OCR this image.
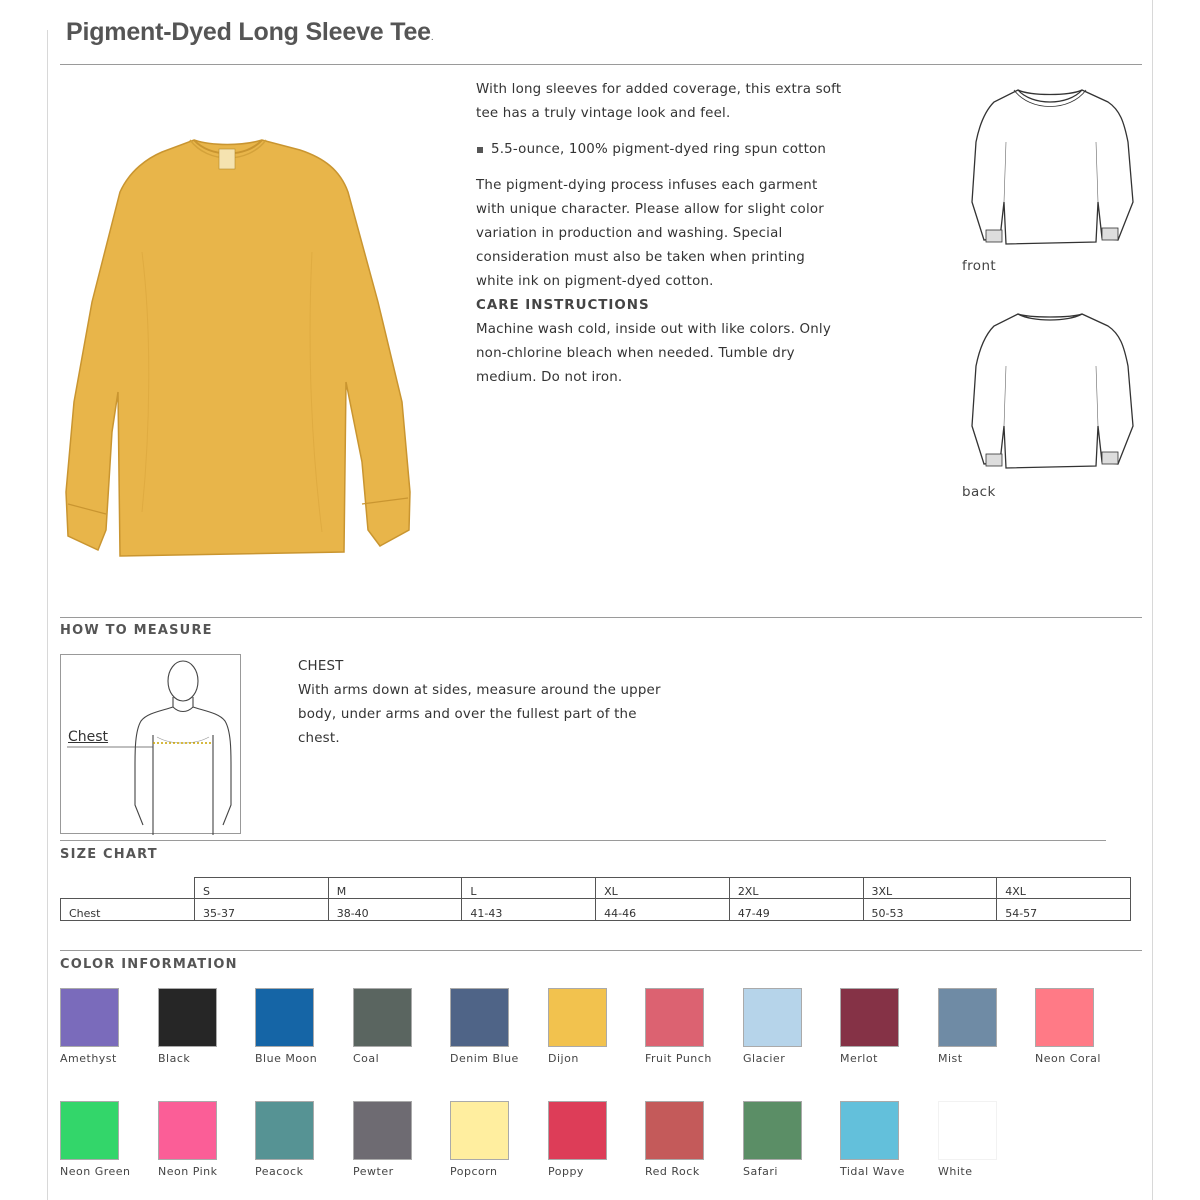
Pigment-Dyed Long Sleeve Tee.

With long sleeves for added coverage, this extra soft tee has a truly vintage look and feel.

5.5-ounce, 100% pigment-dyed ring spun cotton

The pigment-dying process infuses each garment with unique character. Please allow for slight color variation in production and washing. Special consideration must also be taken when printing white ink on pigment-dyed cotton.

CARE INSTRUCTIONS

Machine wash cold, inside out with like colors. Only non-chlorine bleach when needed. Tumble dry medium. Do not iron.

front
back
HOW TO MEASURE
Chest

CHEST

With arms down at sides, measure around the upper body, under arms and over the fullest part of the chest.

SIZE CHART
	S	M	L	XL	2XL	3XL	4XL
Chest	35-37	38-40	41-43	44-46	47-49	50-53	54-57
COLOR INFORMATION
Amethyst	Black	Blue Moon	Coal	Denim Blue	Dijon	Fruit Punch	Glacier	Merlot	Mist	Neon Coral
Neon Green	Neon Pink	Peacock	Pewter	Popcorn	Poppy	Red Rock	Safari	Tidal Wave	White
